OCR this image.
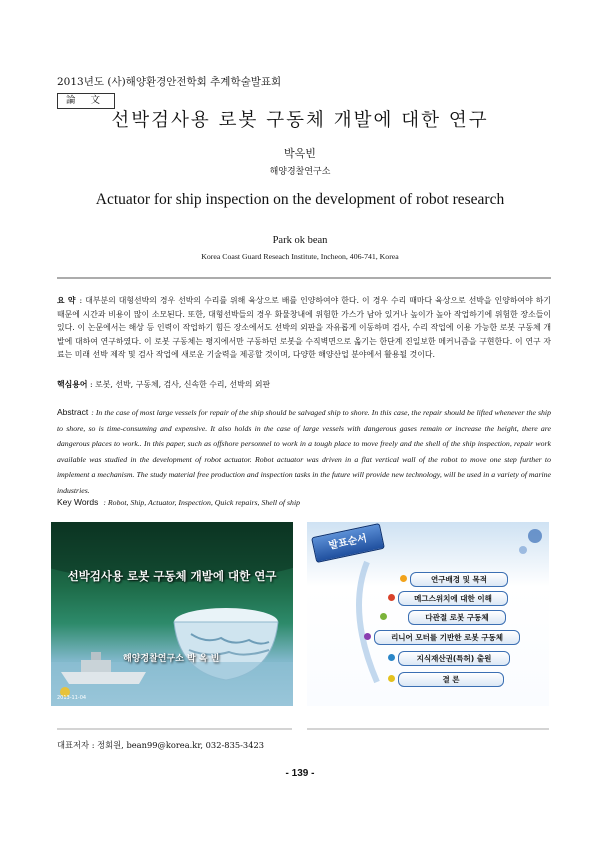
2013년도 (사)해양환경안전학회 추계학술발표회
論 文
선박검사용 로봇 구동체 개발에 대한 연구
박옥빈
해양경찰연구소
Actuator for ship inspection on the development of robot research
Park ok bean
Korea Coast Guard Reseach Institute, Incheon, 406-741, Korea
요 약 : 대부분의 대형선박의 경우 선박의 수리를 위해 육상으로 배를 인양하여야 한다. 이 경우 수리 때마다 육상으로 선박을 인양하여야 하기 때문에 시간과 비용이 많이 소모된다. 또한, 대형선박들의 경우 화물창내에 위험한 가스가 남아 있거나 높이가 높아 작업하기에 위험한 장소들이 있다. 이 논문에서는 해상 등 인력이 작업하기 힘든 장소에서도 선박의 외판을 자유롭게 이동하며 검사, 수리 작업에 이용 가능한 로봇 구동체 개발에 대하여 연구하였다. 이 로봇 구동체는 평지에서만 구동하던 로봇을 수직벽면으로 옮기는 한단계 진일보한 메커니즘을 구현한다. 이 연구 자료는 미래 선박 제작 및 검사 작업에 새로운 기술력을 제공할 것이며, 다양한 해양산업 분야에서 활용될 것이다.
핵심용어 : 로봇, 선박, 구동체, 검사, 신속한 수리, 선박의 외판
Abstract : In the case of most large vessels for repair of the ship should be salvaged ship to shore. In this case, the repair should be lifted whenever the ship to shore, so is time-consuming and expensive. It also holds in the case of large vessels with dangerous gases remain or increase the height, there are dangerous places to work.. In this paper, such as offshore personnel to work in a tough place to move freely and the shell of the ship inspection, repair work available was studied in the development of robot actuator. Robot actuator was driven in a flat vertical wall of the robot to move one step further to implement a mechanism. The study material free production and inspection tasks in the future will provide new technology, will be used in a variety of marine industries.
Key Words : Robot, Ship, Actuator, Inspection, Quick repairs, Shell of ship
선박검사용 로봇 구동체 개발에 대한 연구
해양경찰연구소 박 옥 빈
2013-11-04
발표순서
연구배경 및 목적
메그스위치에 대한 이해
다관절 로봇 구동체
리니어 모터를 기반한 로봇 구동체
지식재산권(특허) 출원
결 론
대표저자 : 정회원, bean99@korea.kr, 032-835-3423
- 139 -
